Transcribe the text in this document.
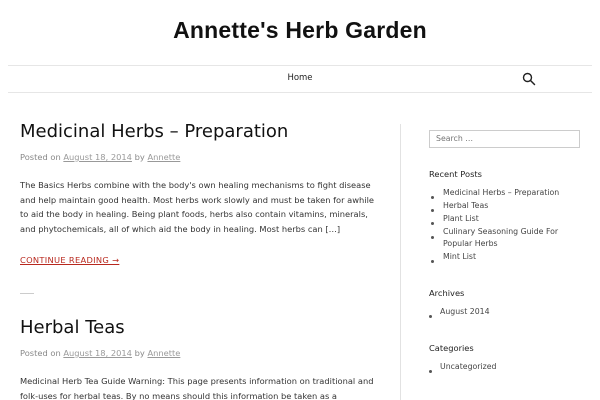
Annette's Herb Garden
Home
Medicinal Herbs – Preparation
Posted on August 18, 2014 by Annette
The Basics Herbs combine with the body's own healing mechanisms to fight disease and help maintain good health. Most herbs work slowly and must be taken for awhile to aid the body in healing. Being plant foods, herbs also contain vitamins, minerals, and phytochemicals, all of which aid the body in healing. Most herbs can […]
CONTINUE READING →
Herbal Teas
Posted on August 18, 2014 by Annette
Medicinal Herb Tea Guide Warning: This page presents information on traditional and folk-uses for herbal teas. By no means should this information be taken as a
Search …
Recent Posts
Medicinal Herbs – Preparation
Herbal Teas
Plant List
Culinary Seasoning Guide For Popular Herbs
Mint List
Archives
August 2014
Categories
Uncategorized
